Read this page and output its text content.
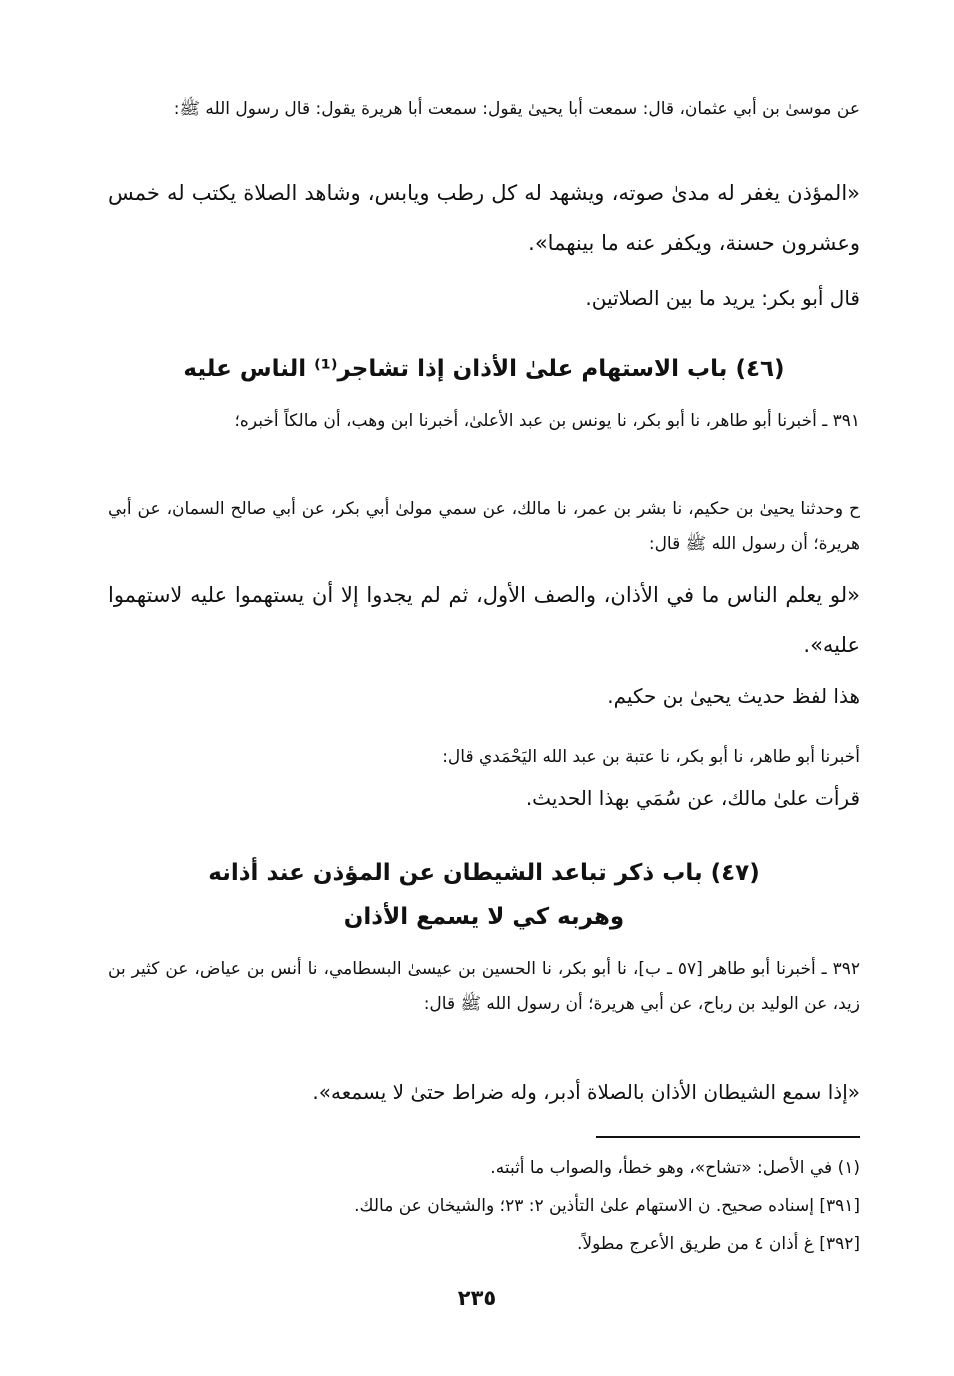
عن موسىٰ بن أبي عثمان، قال: سمعت أبا يحيىٰ يقول: سمعت أبا هريرة يقول: قال رسول الله ﷺ:
«المؤذن يغفر له مدىٰ صوته، ويشهد له كل رطب ويابس، وشاهد الصلاة يكتب له خمس وعشرون حسنة، ويكفر عنه ما بينهما».
قال أبو بكر: يريد ما بين الصلاتين.
(٤٦) باب الاستهام علىٰ الأذان إذا تشاجر⁽¹⁾ الناس عليه
٣٩١ ـ أخبرنا أبو طاهر، نا أبو بكر، نا يونس بن عبد الأعلىٰ، أخبرنا ابن وهب، أن مالكاً أخبره؛
ح وحدثنا يحيىٰ بن حكيم، نا بشر بن عمر، نا مالك، عن سمي مولىٰ أبي بكر، عن أبي صالح السمان، عن أبي هريرة؛ أن رسول الله ﷺ قال:
«لو يعلم الناس ما في الأذان، والصف الأول، ثم لم يجدوا إلا أن يستهموا عليه لاستهموا عليه».
هذا لفظ حديث يحيىٰ بن حكيم.
أخبرنا أبو طاهر، نا أبو بكر، نا عتبة بن عبد الله اليَحْمَدي قال:
قرأت علىٰ مالك، عن سُمَي بهذا الحديث.
(٤٧) باب ذكر تباعد الشيطان عن المؤذن عند أذانه
وهربه كي لا يسمع الأذان
٣٩٢ ـ أخبرنا أبو طاهر [٥٧ ـ ب]، نا أبو بكر، نا الحسين بن عيسىٰ البسطامي، نا أنس بن عياض، عن كثير بن زيد، عن الوليد بن رباح، عن أبي هريرة؛ أن رسول الله ﷺ قال:
«إذا سمع الشيطان الأذان بالصلاة أدبر، وله ضراط حتىٰ لا يسمعه».
(١) في الأصل: «تشاح»، وهو خطأ، والصواب ما أثبته.
[٣٩١] إسناده صحيح. ن الاستهام علىٰ التأذين ٢: ٢٣؛ والشيخان عن مالك.
[٣٩٢] غ أذان ٤ من طريق الأعرج مطولاً.
٢٣٥
